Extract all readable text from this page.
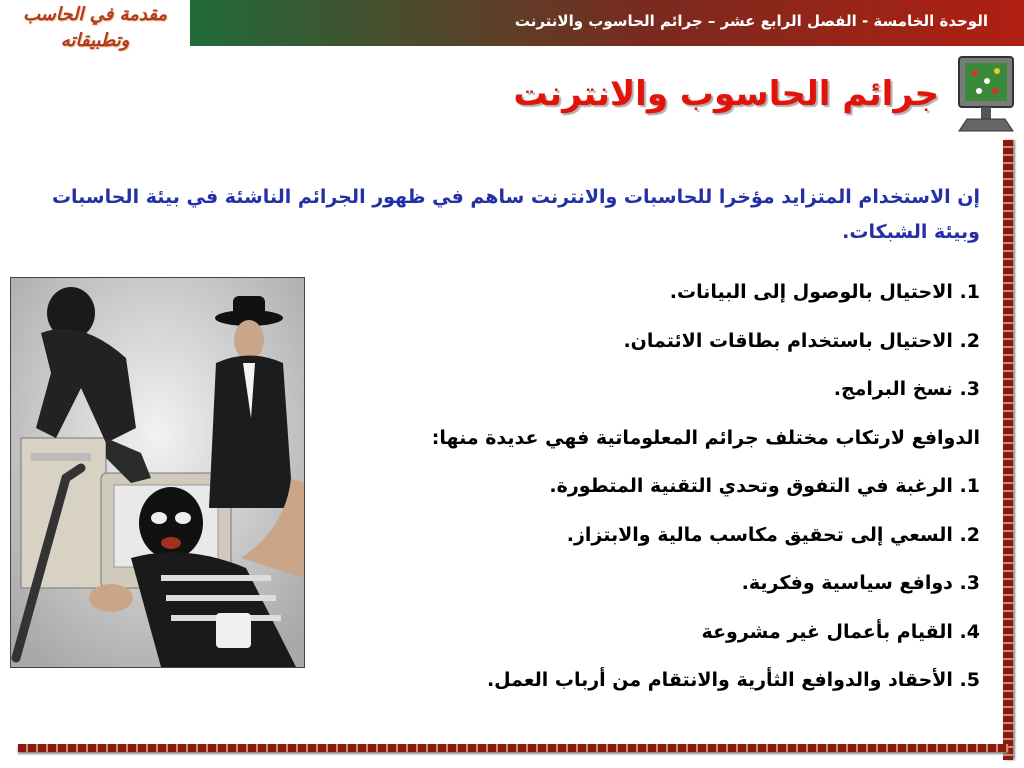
مقدمة في الحاسب
وتطبيقاته
الوحدة الخامسة - الفصل الرابع عشر – جرائم الحاسوب والانترنت
جرائم الحاسوب والانترنت
إن الاستخدام المتزايد مؤخرا للحاسبات والانترنت ساهم في ظهور الجرائم الناشئة في بيئة الحاسبات وبيئة الشبكات.
1. الاحتيال بالوصول إلى البيانات.
2. الاحتيال باستخدام بطاقات الائتمان.
3. نسخ البرامج.
الدوافع لارتكاب مختلف جرائم المعلوماتية فهي عديدة منها:
1. الرغبة في التفوق وتحدي التقنية المتطورة.
2. السعي إلى تحقيق مكاسب مالية والابتزاز.
3. دوافع سياسية وفكرية.
4. القيام بأعمال غير مشروعة
5. الأحقاد والدوافع الثأرية والانتقام من أرباب العمل.
